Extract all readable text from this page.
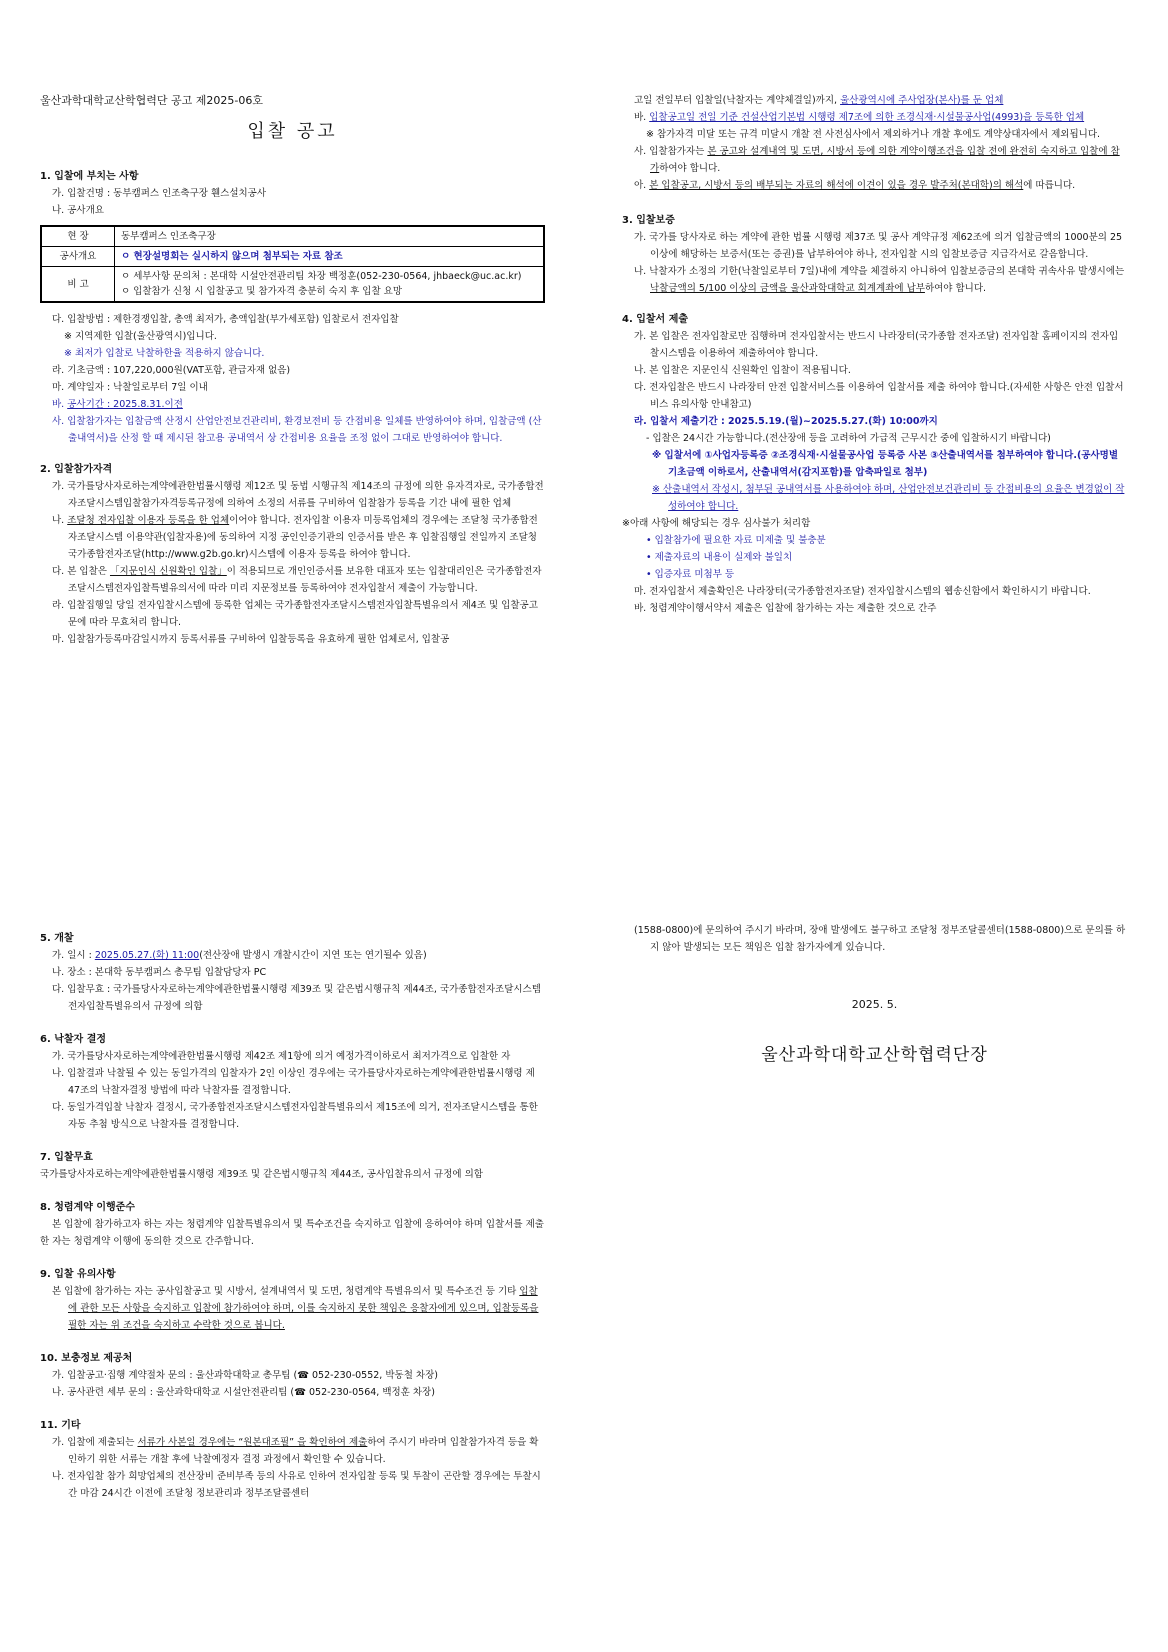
울산과학대학교산학협력단 공고 제2025-06호

입찰 공고

1. 입찰에 부치는 사항

가. 입찰건명 : 동부캠퍼스 인조축구장 휀스설치공사

나. 공사개요

현 장	동부캠퍼스 인조축구장
공사개요	ㅇ 현장설명회는 실시하지 않으며 첨부되는 자료 참조
비 고	ㅇ 세부사항 문의처 : 본대학 시설안전관리팀 차장 백정훈(052-230-0564, jhbaeck@uc.ac.kr)
ㅇ 입찰참가 신청 시 입찰공고 및 참가자격 충분히 숙지 후 입찰 요망

다. 입찰방법 : 제한경쟁입찰, 총액 최저가, 총액입찰(부가세포함) 입찰로서 전자입찰

※ 지역제한 입찰(울산광역시)입니다.

※ 최저가 입찰로 낙찰하한율 적용하지 않습니다.

라. 기초금액 : 107,220,000원(VAT포함, 관급자재 없음)

마. 계약일자 : 낙찰일로부터 7일 이내

바. 공사기간 : 2025.8.31.이전

사. 입찰참가자는 입찰금액 산정시 산업안전보건관리비, 환경보전비 등 간접비용 일체를 반영하여야 하며, 입찰금액 (산출내역서)을 산정 할 때 제시된 참고용 공내역서 상 간접비용 요율을 조정 없이 그대로 반영하여야 합니다.

2. 입찰참가자격

가. 국가를당사자로하는계약에관한법률시행령 제12조 및 동법 시행규칙 제14조의 규정에 의한 유자격자로, 국가종합전자조달시스템입찰참가자격등록규정에 의하여 소정의 서류를 구비하여 입찰참가 등록을 기간 내에 필한 업체

나. 조달청 전자입찰 이용자 등록을 한 업체이어야 합니다. 전자입찰 이용자 미등록업체의 경우에는 조달청 국가종합전자조달시스템 이용약관(입찰자용)에 동의하여 지정 공인인증기관의 인증서를 받은 후 입찰집행일 전일까지 조달청 국가종합전자조달(http://www.g2b.go.kr)시스템에 이용자 등록을 하여야 합니다.

다. 본 입찰은 「지문인식 신원확인 입찰」이 적용되므로 개인인증서를 보유한 대표자 또는 입찰대리인은 국가종합전자조달시스템전자입찰특별유의서에 따라 미리 지문정보를 등록하여야 전자입찰서 제출이 가능합니다.

라. 입찰집행일 당일 전자입찰시스템에 등록한 업체는 국가종합전자조달시스템전자입찰특별유의서 제4조 및 입찰공고문에 따라 무효처리 합니다.

마. 입찰참가등록마감일시까지 등록서류를 구비하여 입찰등록을 유효하게 필한 업체로서, 입찰공

고일 전일부터 입찰일(낙찰자는 계약체결일)까지, 울산광역시에 주사업장(본사)를 둔 업체

바. 입찰공고일 전일 기준 건설산업기본법 시행령 제7조에 의한 조경식재·시설물공사업(4993)을 등록한 업체

※ 참가자격 미달 또는 규격 미달시 개찰 전 사전심사에서 제외하거나 개찰 후에도 계약상대자에서 제외됩니다.

사. 입찰참가자는 본 공고와 설계내역 및 도면, 시방서 등에 의한 계약이행조건을 입찰 전에 완전히 숙지하고 입찰에 참가하여야 합니다.

아. 본 입찰공고, 시방서 등의 배부되는 자료의 해석에 이견이 있을 경우 발주처(본대학)의 해석에 따릅니다.

3. 입찰보증

가. 국가를 당사자로 하는 계약에 관한 법률 시행령 제37조 및 공사 계약규정 제62조에 의거 입찰금액의 1000분의 25 이상에 해당하는 보증서(또는 증권)를 납부하여야 하나, 전자입찰 시의 입찰보증금 지급각서로 갈음합니다.

나. 낙찰자가 소정의 기한(낙찰일로부터 7일)내에 계약을 체결하지 아니하여 입찰보증금의 본대학 귀속사유 발생시에는 낙찰금액의 5/100 이상의 금액을 울산과학대학교 회계계좌에 납부하여야 합니다.

4. 입찰서 제출

가. 본 입찰은 전자입찰로만 집행하며 전자입찰서는 반드시 나라장터(국가종합 전자조달) 전자입찰 홈페이지의 전자입찰시스템을 이용하여 제출하여야 합니다.

나. 본 입찰은 지문인식 신원확인 입찰이 적용됩니다.

다. 전자입찰은 반드시 나라장터 안전 입찰서비스를 이용하여 입찰서를 제출 하여야 합니다.(자세한 사항은 안전 입찰서비스 유의사항 안내참고)

라. 입찰서 제출기간 : 2025.5.19.(월)~2025.5.27.(화) 10:00까지

- 입찰은 24시간 가능합니다.(전산장애 등을 고려하여 가급적 근무시간 중에 입찰하시기 바랍니다)

※ 입찰서에 ①사업자등록증 ②조경식재·시설물공사업 등록증 사본 ③산출내역서를 첨부하여야 합니다.(공사명별 기초금액 이하로서, 산출내역서(감지포함)를 압축파일로 첨부)

※ 산출내역서 작성시, 첨부된 공내역서를 사용하여야 하며, 산업안전보건관리비 등 간접비용의 요율은 변경없이 작성하여야 합니다.

※아래 사항에 해당되는 경우 심사불가 처리함

• 입찰참가에 필요한 자료 미제출 및 불충분

• 제출자료의 내용이 실제와 불일치

• 입증자료 미첨부 등

마. 전자입찰서 제출확인은 나라장터(국가종합전자조달) 전자입찰시스템의 웹송신함에서 확인하시기 바랍니다.

바. 청렴계약이행서약서 제출은 입찰에 참가하는 자는 제출한 것으로 간주

5. 개찰

가. 일시 : 2025.05.27.(화) 11:00(전산장애 발생시 개찰시간이 지연 또는 연기될수 있음)

나. 장소 : 본대학 동부캠퍼스 총무팀 입찰담당자 PC

다. 입찰무효 : 국가를당사자로하는계약에관한법률시행령 제39조 및 같은법시행규칙 제44조, 국가종합전자조달시스템전자입찰특별유의서 규정에 의함

6. 낙찰자 결정

가. 국가를당사자로하는계약에관한법률시행령 제42조 제1항에 의거 예정가격이하로서 최저가격으로 입찰한 자

나. 입찰결과 낙찰될 수 있는 동일가격의 입찰자가 2인 이상인 경우에는 국가를당사자로하는계약에관한법률시행령 제47조의 낙찰자결정 방법에 따라 낙찰자를 결정합니다.

다. 동일가격입찰 낙찰자 결정시, 국가종합전자조달시스템전자입찰특별유의서 제15조에 의거, 전자조달시스템을 통한 자동 추첨 방식으로 낙찰자를 결정합니다.

7. 입찰무효

국가를당사자로하는계약에관한법률시행령 제39조 및 같은법시행규칙 제44조, 공사입찰유의서 규정에 의함

8. 청렴계약 이행준수

본 입찰에 참가하고자 하는 자는 청렴계약 입찰특별유의서 및 특수조건을 숙지하고 입찰에 응하여야 하며 입찰서를 제출한 자는 청렴계약 이행에 동의한 것으로 간주합니다.

9. 입찰 유의사항

본 입찰에 참가하는 자는 공사입찰공고 및 시방서, 설계내역서 및 도면, 청렴계약 특별유의서 및 특수조건 등 기타 입찰에 관한 모든 사항을 숙지하고 입찰에 참가하여야 하며, 이를 숙지하지 못한 책임은 응찰자에게 있으며, 입찰등록을 필한 자는 위 조건을 숙지하고 수락한 것으로 봅니다.

10. 보충정보 제공처

가. 입찰공고·집행 계약절차 문의 : 울산과학대학교 총무팀 (☎ 052-230-0552, 박동철 차장)

나. 공사관련 세부 문의 : 울산과학대학교 시설안전관리팀 (☎ 052-230-0564, 백정훈 차장)

11. 기타

가. 입찰에 제출되는 서류가 사본일 경우에는 “원본대조필” 을 확인하여 제출하여 주시기 바라며 입찰참가자격 등을 확인하기 위한 서류는 개찰 후에 낙찰예정자 결정 과정에서 확인할 수 있습니다.

나. 전자입찰 참가 희망업체의 전산장비 준비부족 등의 사유로 인하여 전자입찰 등록 및 투찰이 곤란할 경우에는 투찰시간 마감 24시간 이전에 조달청 정보관리과 정부조달콜센터

(1588-0800)에 문의하여 주시기 바라며, 장애 발생에도 불구하고 조달청 정부조달콜센터(1588-0800)으로 문의를 하지 않아 발생되는 모든 책임은 입찰 참가자에게 있습니다.

2025. 5.

울산과학대학교산학협력단장
